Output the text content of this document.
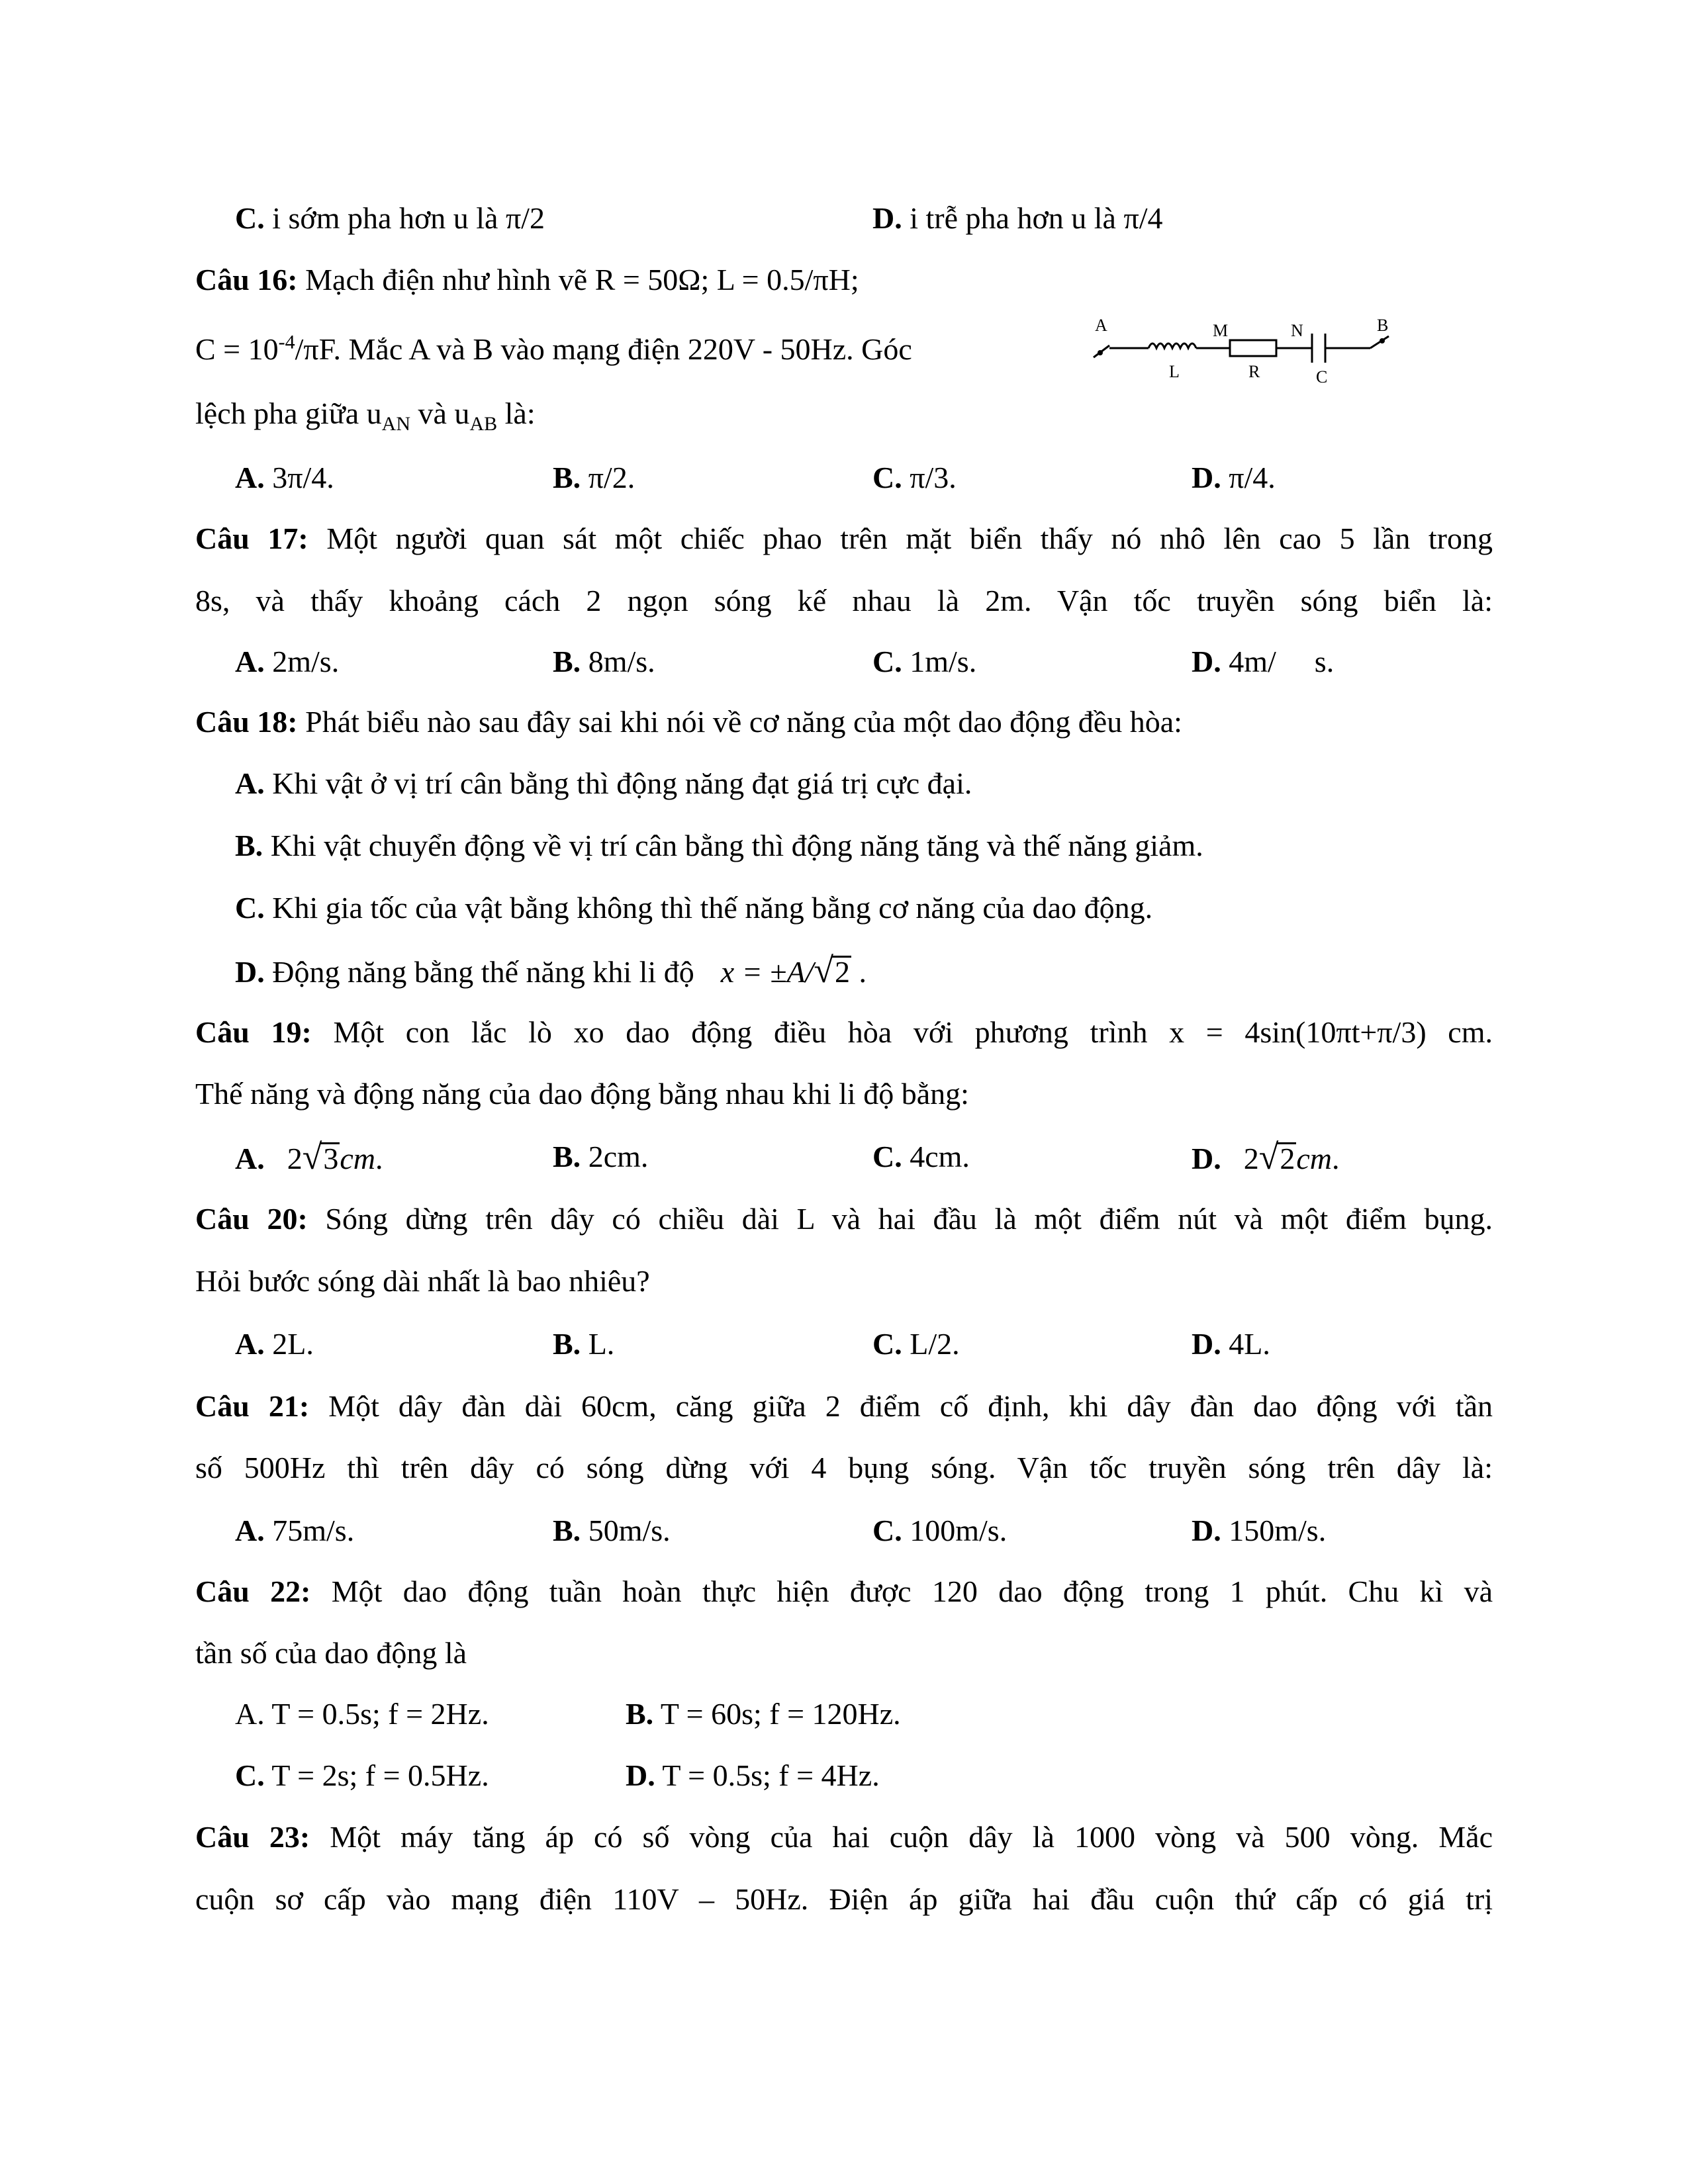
C. i sớm pha hơn u là π/2	D. i trễ pha hơn u là π/4
Câu 16: Mạch điện như hình vẽ R = 50Ω; L = 0.5/πH;
$C = 10^{-4}/\pi F$. Mắc A và B vào mạng điện 220V - 50Hz. Góc
lệch pha giữa $u_{AN}$ và $u_{AB}$ là:
A	M	N	B
L	R	C
A. 3π/4.	B. π/2.	C. π/3.	D. π/4.
Câu 17: Một người quan sát một chiếc phao trên mặt biển thấy nó nhô lên cao 5 lần trong
8s, và thấy khoảng cách 2 ngọn sóng kế nhau là 2m. Vận tốc truyền sóng biển là:
A. 2m/s.	B. 8m/s.	C. 1m/s.	D. 4m/ s.
Câu 18: Phát biểu nào sau đây sai khi nói về cơ năng của một dao động đều hòa:
A. Khi vật ở vị trí cân bằng thì động năng đạt giá trị cực đại.
B. Khi vật chuyển động về vị trí cân bằng thì động năng tăng và thế năng giảm.
C. Khi gia tốc của vật bằng không thì thế năng bằng cơ năng của dao động.
D. Động năng bằng thế năng khi li độ x = ±A/√2 .
Câu 19: Một con lắc lò xo dao động điều hòa với phương trình x = 4sin(10πt+π/3) cm.
Thế năng và động năng của dao động bằng nhau khi li độ bằng:
A. 2√3cm.	B. 2cm.	C. 4cm.	D. 2√2cm.
Câu 20: Sóng dừng trên dây có chiều dài L và hai đầu là một điểm nút và một điểm bụng.
Hỏi bước sóng dài nhất là bao nhiêu?
A. 2L.	B. L.	C. L/2.	D. 4L.
Câu 21: Một dây đàn dài 60cm, căng giữa 2 điểm cố định, khi dây đàn dao động với tần
số 500Hz thì trên dây có sóng dừng với 4 bụng sóng. Vận tốc truyền sóng trên dây là:
A. 75m/s.	B. 50m/s.	C. 100m/s.	D. 150m/s.
Câu 22: Một dao động tuần hoàn thực hiện được 120 dao động trong 1 phút. Chu kì và
tần số của dao động là
A. T = 0.5s; f = 2Hz.	B. T = 60s; f = 120Hz.
C. T = 2s; f = 0.5Hz.	D. T = 0.5s; f = 4Hz.
Câu 23: Một máy tăng áp có số vòng của hai cuộn dây là 1000 vòng và 500 vòng. Mắc
cuộn sơ cấp vào mạng điện 110V – 50Hz. Điện áp giữa hai đầu cuộn thứ cấp có giá trị
